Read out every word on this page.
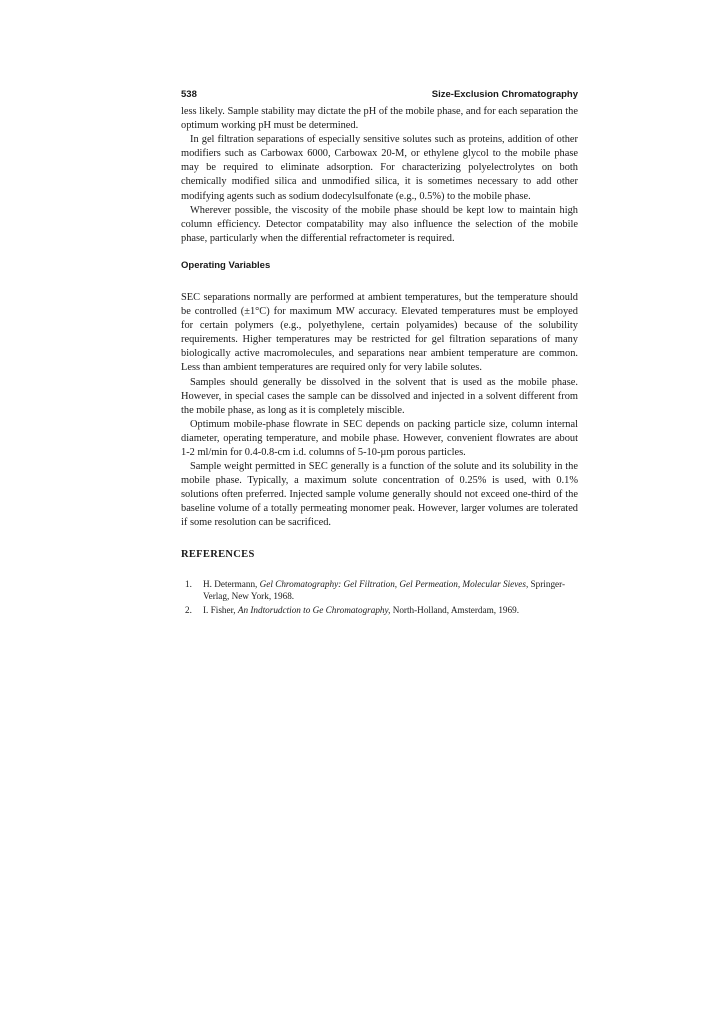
538	Size-Exclusion Chromatography

less likely. Sample stability may dictate the pH of the mobile phase, and for each separation the optimum working pH must be determined.

In gel filtration separations of especially sensitive solutes such as proteins, addition of other modifiers such as Carbowax 6000, Carbowax 20-M, or ethylene glycol to the mobile phase may be required to eliminate adsorption. For characterizing polyelectrolytes on both chemically modified silica and unmodified silica, it is sometimes necessary to add other modifying agents such as sodium dodecylsulfonate (e.g., 0.5%) to the mobile phase.

Wherever possible, the viscosity of the mobile phase should be kept low to maintain high column efficiency. Detector compatability may also influence the selection of the mobile phase, particularly when the differential refractometer is required.

Operating Variables

SEC separations normally are performed at ambient temperatures, but the temperature should be controlled (±1°C) for maximum MW accuracy. Elevated temperatures must be employed for certain polymers (e.g., polyethylene, certain polyamides) because of the solubility requirements. Higher temperatures may be restricted for gel filtration separations of many biologically active macromolecules, and separations near ambient temperature are common. Less than ambient temperatures are required only for very labile solutes.

Samples should generally be dissolved in the solvent that is used as the mobile phase. However, in special cases the sample can be dissolved and injected in a solvent different from the mobile phase, as long as it is completely miscible.

Optimum mobile-phase flowrate in SEC depends on packing particle size, column internal diameter, operating temperature, and mobile phase. However, convenient flowrates are about 1-2 ml/min for 0.4-0.8-cm i.d. columns of 5-10-µm porous particles.

Sample weight permitted in SEC generally is a function of the solute and its solubility in the mobile phase. Typically, a maximum solute concentration of 0.25% is used, with 0.1% solutions often preferred. Injected sample volume generally should not exceed one-third of the baseline volume of a totally permeating monomer peak. However, larger volumes are tolerated if some resolution can be sacrificed.

REFERENCES
1.	H. Determann, Gel Chromatography: Gel Filtration, Gel Permeation, Molecular Sieves, Springer-Verlag, New York, 1968.
2.	I. Fisher, An Indtorudction to Ge Chromatography, North-Holland, Amsterdam, 1969.
